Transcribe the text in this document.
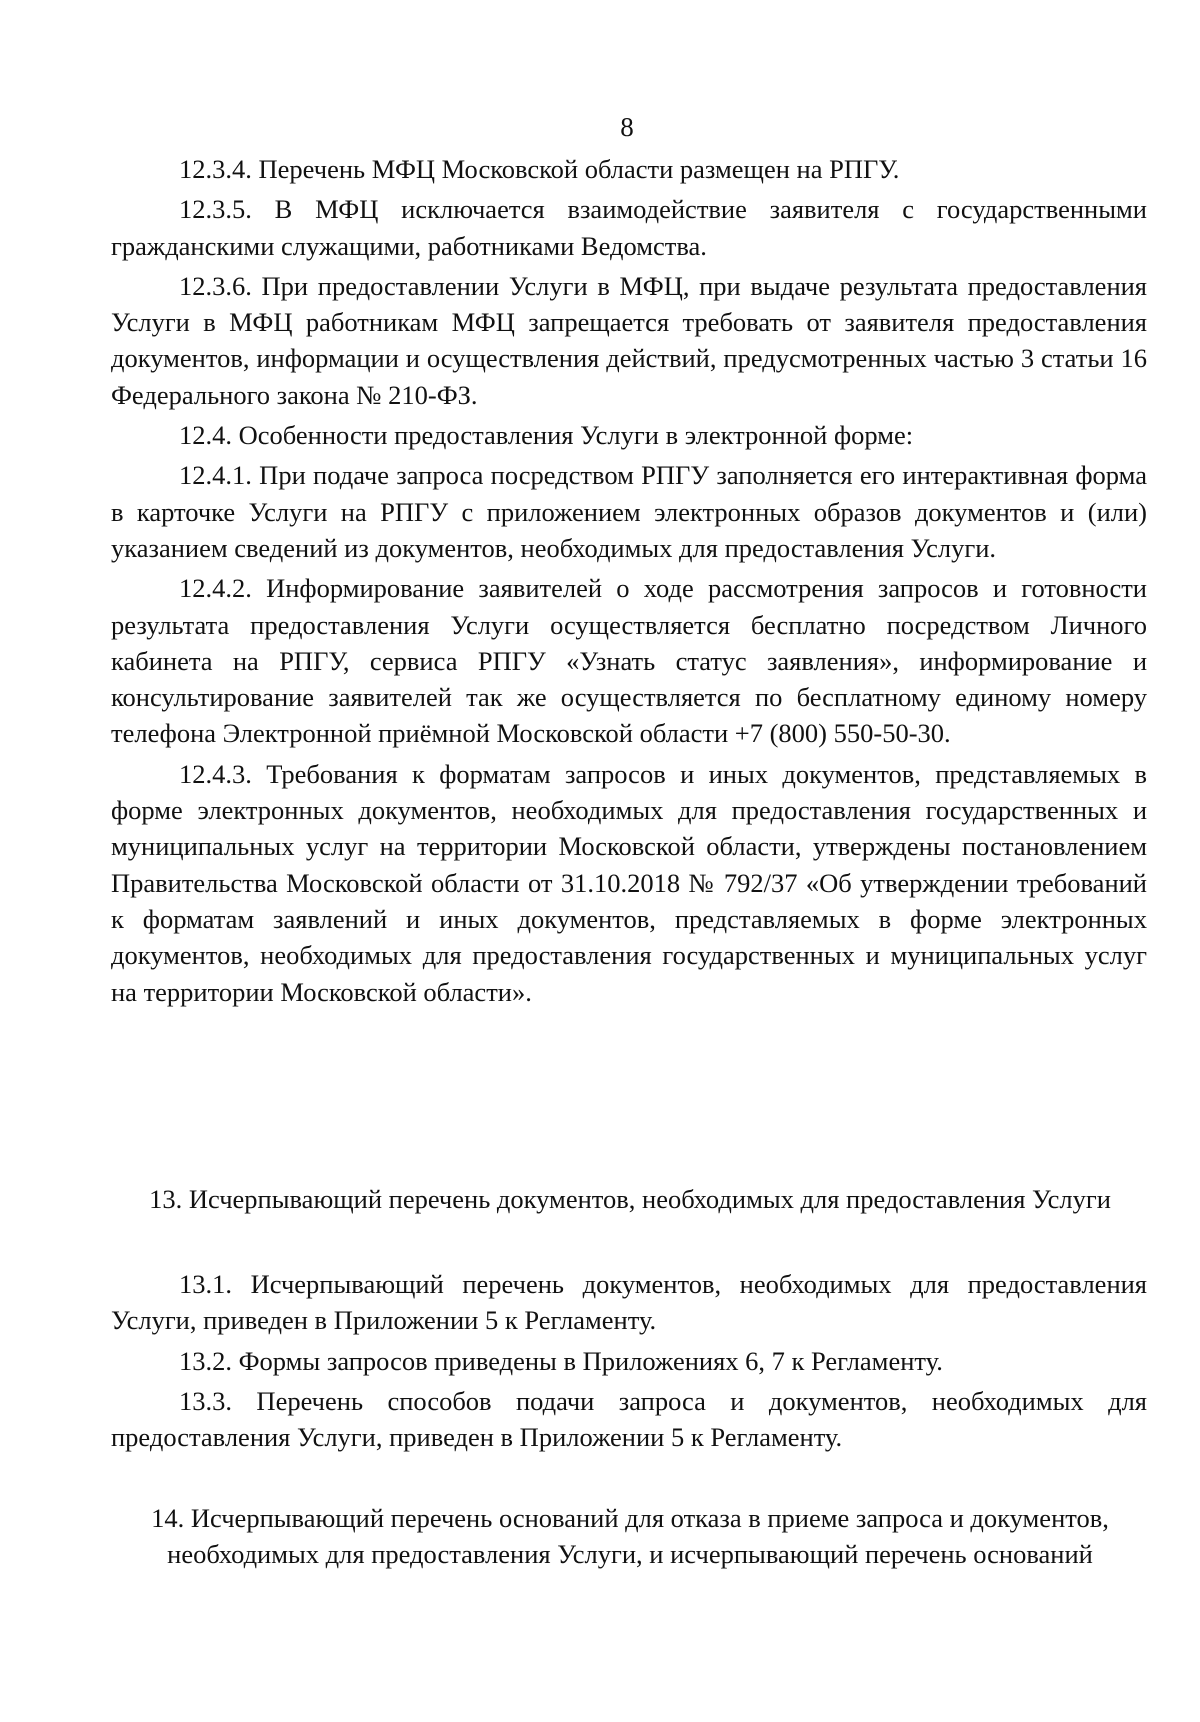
8

12.3.4. Перечень МФЦ Московской области размещен на РПГУ.

12.3.5. В МФЦ исключается взаимодействие заявителя с государственными гражданскими служащими, работниками Ведомства.

12.3.6. При предоставлении Услуги в МФЦ, при выдаче результата предоставления Услуги в МФЦ работникам МФЦ запрещается требовать от заявителя предоставления документов, информации и осуществления действий, предусмотренных частью 3 статьи 16 Федерального закона № 210-ФЗ.

12.4. Особенности предоставления Услуги в электронной форме:

12.4.1. При подаче запроса посредством РПГУ заполняется его интерактивная форма в карточке Услуги на РПГУ с приложением электронных образов документов и (или) указанием сведений из документов, необходимых для предоставления Услуги.

12.4.2. Информирование заявителей о ходе рассмотрения запросов и готовности результата предоставления Услуги осуществляется бесплатно посредством Личного кабинета на РПГУ, сервиса РПГУ «Узнать статус заявления», информирование и консультирование заявителей так же осуществляется по бесплатному единому номеру телефона Электронной приёмной Московской области +7 (800) 550-50-30.

12.4.3. Требования к форматам запросов и иных документов, представляемых в форме электронных документов, необходимых для предоставления государственных и муниципальных услуг на территории Московской области, утверждены постановлением Правительства Московской области от 31.10.2018 № 792/37 «Об утверждении требований к форматам заявлений и иных документов, представляемых в форме электронных документов, необходимых для предоставления государственных и муниципальных услуг на территории Московской области».

13. Исчерпывающий перечень документов, необходимых для предоставления Услуги

13.1. Исчерпывающий перечень документов, необходимых для предоставления Услуги, приведен в Приложении 5 к Регламенту.

13.2. Формы запросов приведены в Приложениях 6, 7 к Регламенту.

13.3. Перечень способов подачи запроса и документов, необходимых для предоставления Услуги, приведен в Приложении 5 к Регламенту.

14. Исчерпывающий перечень оснований для отказа в приеме запроса и документов, необходимых для предоставления Услуги, и исчерпывающий перечень оснований
